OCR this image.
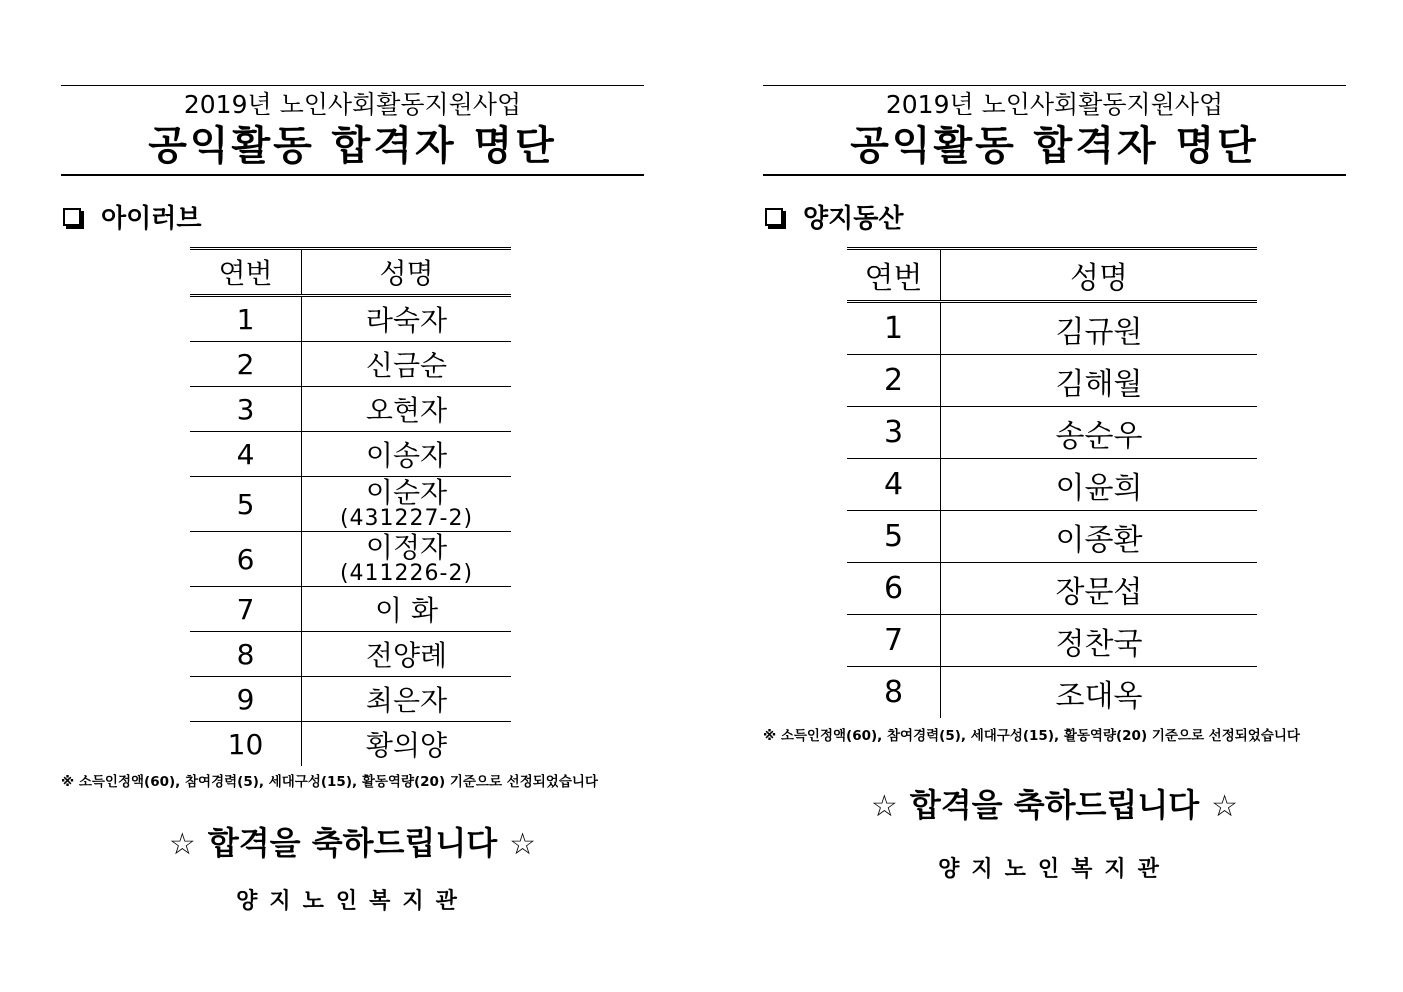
2019년 노인사회활동지원사업
공익활동 합격자 명단
아이러브
연번	성명
1	라숙자
2	신금순
3	오현자
4	이송자
5	이순자
(431227-2)

6	이정자
(411226-2)

7	이 화
8	전양례
9	최은자
10	황의양
※ 소득인정액(60), 참여경력(5), 세대구성(15), 활동역량(20) 기준으로 선정되었습니다
☆ 합격을 축하드립니다 ☆
양지노인복지관
2019년 노인사회활동지원사업
공익활동 합격자 명단
양지동산
연번	성명
1	김규원
2	김해월
3	송순우
4	이윤희
5	이종환
6	장문섭
7	정찬국
8	조대옥
※ 소득인정액(60), 참여경력(5), 세대구성(15), 활동역량(20) 기준으로 선정되었습니다
☆ 합격을 축하드립니다 ☆
양지노인복지관
